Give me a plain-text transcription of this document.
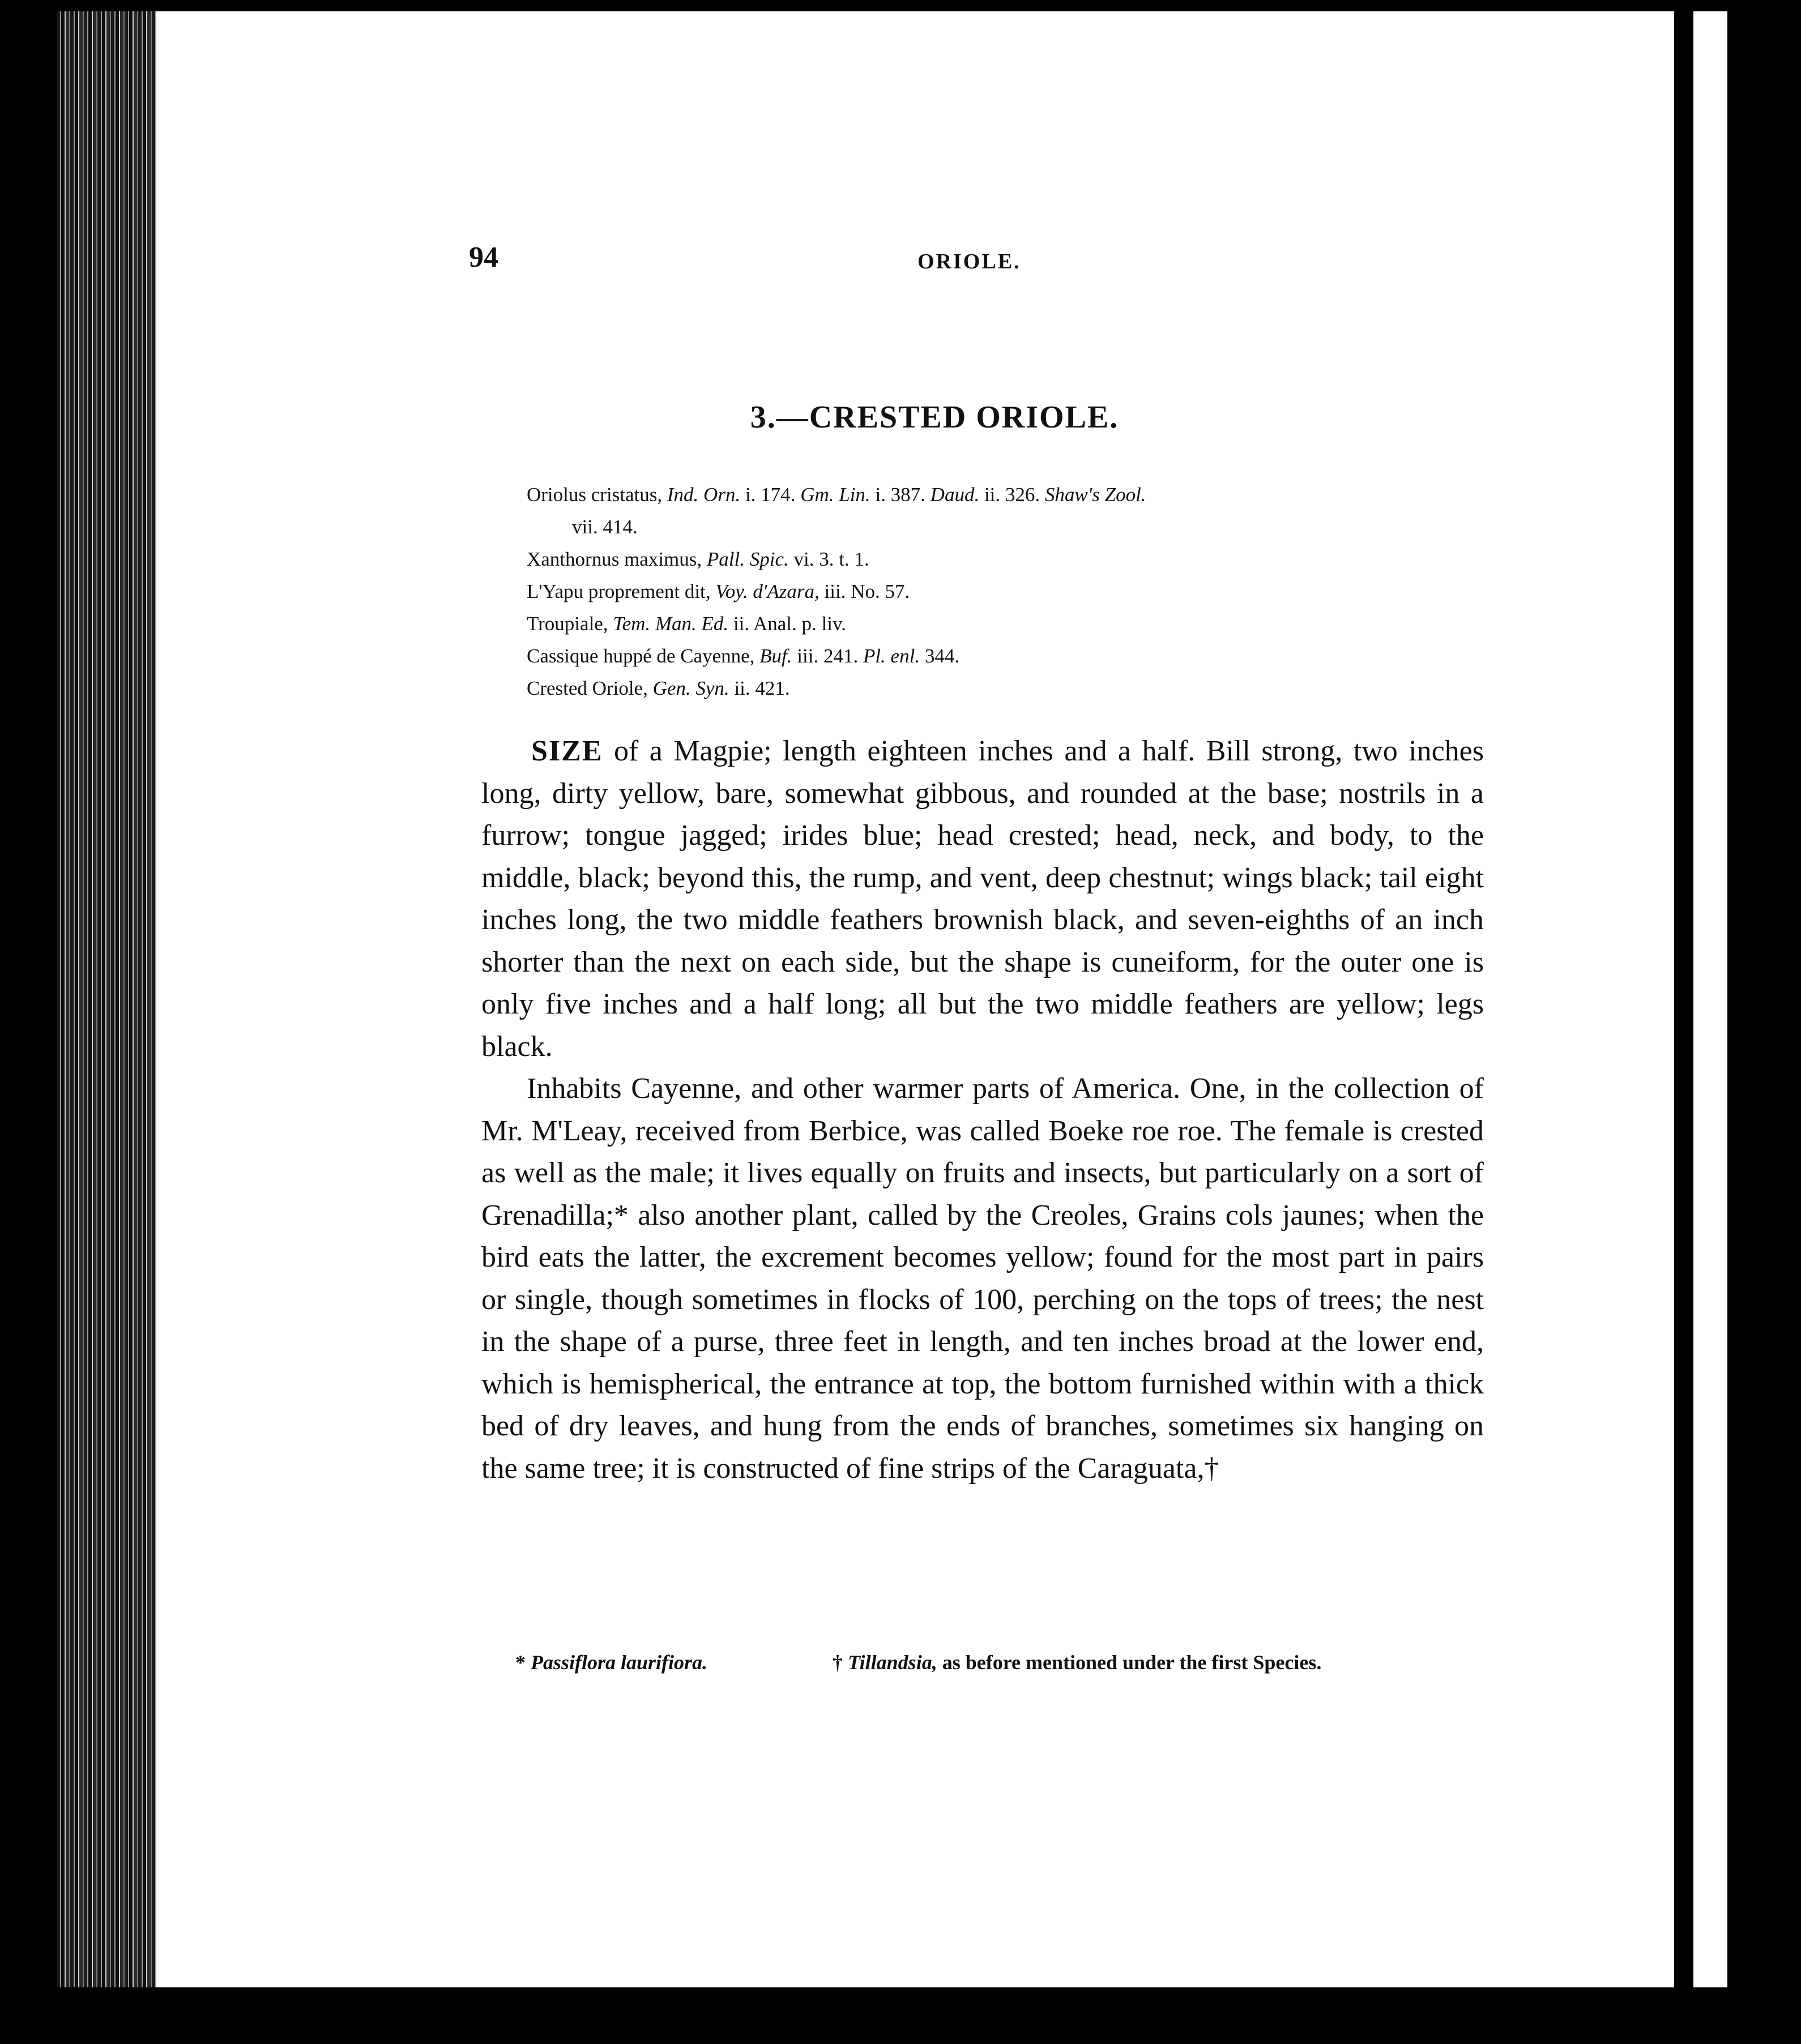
94	ORIOLE.
3.—CRESTED ORIOLE.
Oriolus cristatus, Ind. Orn. i. 174. Gm. Lin. i. 387. Daud. ii. 326. Shaw's Zool.
vii. 414.
Xanthornus maximus, Pall. Spic. vi. 3. t. 1.
L'Yapu proprement dit, Voy. d'Azara, iii. No. 57.
Troupiale, Tem. Man. Ed. ii. Anal. p. liv.
Cassique huppé de Cayenne, Buf. iii. 241. Pl. enl. 344.
Crested Oriole, Gen. Syn. ii. 421.

SIZE of a Magpie; length eighteen inches and a half. Bill strong, two inches long, dirty yellow, bare, somewhat gibbous, and rounded at the base; nostrils in a furrow; tongue jagged; irides blue; head crested; head, neck, and body, to the middle, black; beyond this, the rump, and vent, deep chestnut; wings black; tail eight inches long, the two middle feathers brownish black, and seven-eighths of an inch shorter than the next on each side, but the shape is cuneiform, for the outer one is only five inches and a half long; all but the two middle feathers are yellow; legs black.

Inhabits Cayenne, and other warmer parts of America. One, in the collection of Mr. M'Leay, received from Berbice, was called Boeke roe roe. The female is crested as well as the male; it lives equally on fruits and insects, but particularly on a sort of Grenadilla;* also another plant, called by the Creoles, Grains cols jaunes; when the bird eats the latter, the excrement becomes yellow; found for the most part in pairs or single, though sometimes in flocks of 100, perching on the tops of trees; the nest in the shape of a purse, three feet in length, and ten inches broad at the lower end, which is hemispherical, the entrance at top, the bottom furnished within with a thick bed of dry leaves, and hung from the ends of branches, sometimes six hanging on the same tree; it is constructed of fine strips of the Caraguata,†

* Passiflora laurifiora.	† Tillandsia, as before mentioned under the first Species.
